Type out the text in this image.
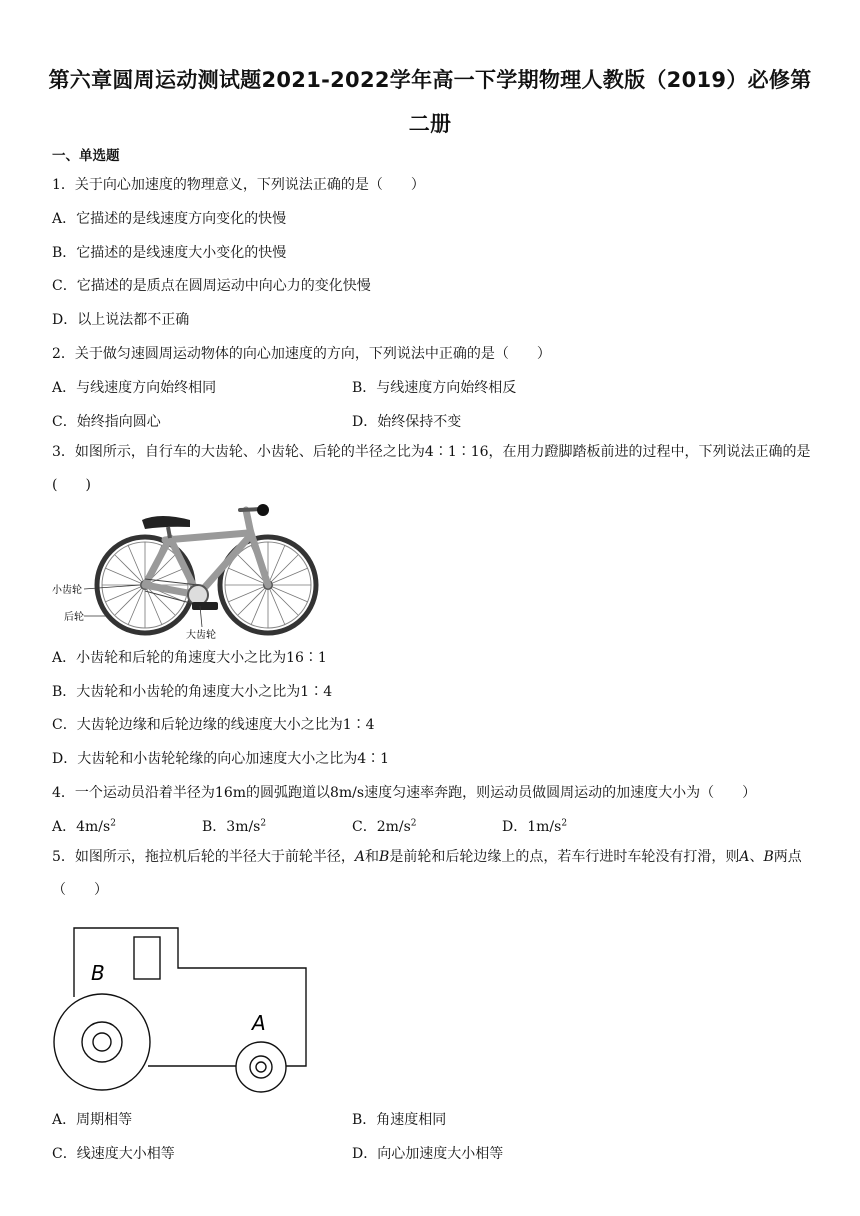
第六章圆周运动测试题2021-2022学年高一下学期物理人教版（2019）必修第二册
一、单选题
1．关于向心加速度的物理意义，下列说法正确的是（　　）
A．它描述的是线速度方向变化的快慢
B．它描述的是线速度大小变化的快慢
C．它描述的是质点在圆周运动中向心力的变化快慢
D．以上说法都不正确
2．关于做匀速圆周运动物体的向心加速度的方向，下列说法中正确的是（　　）
A．与线速度方向始终相同	B．与线速度方向始终相反
C．始终指向圆心	D．始终保持不变
3．如图所示，自行车的大齿轮、小齿轮、后轮的半径之比为4∶1∶16，在用力蹬脚踏板前进的过程中，下列说法正确的是(　　)
小齿轮
后轮
大齿轮
A．小齿轮和后轮的角速度大小之比为16∶1
B．大齿轮和小齿轮的角速度大小之比为1∶4
C．大齿轮边缘和后轮边缘的线速度大小之比为1∶4
D．大齿轮和小齿轮轮缘的向心加速度大小之比为4∶1
4．一个运动员沿着半径为16m的圆弧跑道以8m/s速度匀速率奔跑，则运动员做圆周运动的加速度大小为（　　）
A．$4m/s^2$	B．$3m/s^2$	C．$2m/s^2$	D．$1m/s^2$
5．如图所示，拖拉机后轮的半径大于前轮半径，A和B是前轮和后轮边缘上的点，若车行进时车轮没有打滑，则A、B两点（　　）
B
A
A．周期相等	B．角速度相同
C．线速度大小相等	D．向心加速度大小相等
